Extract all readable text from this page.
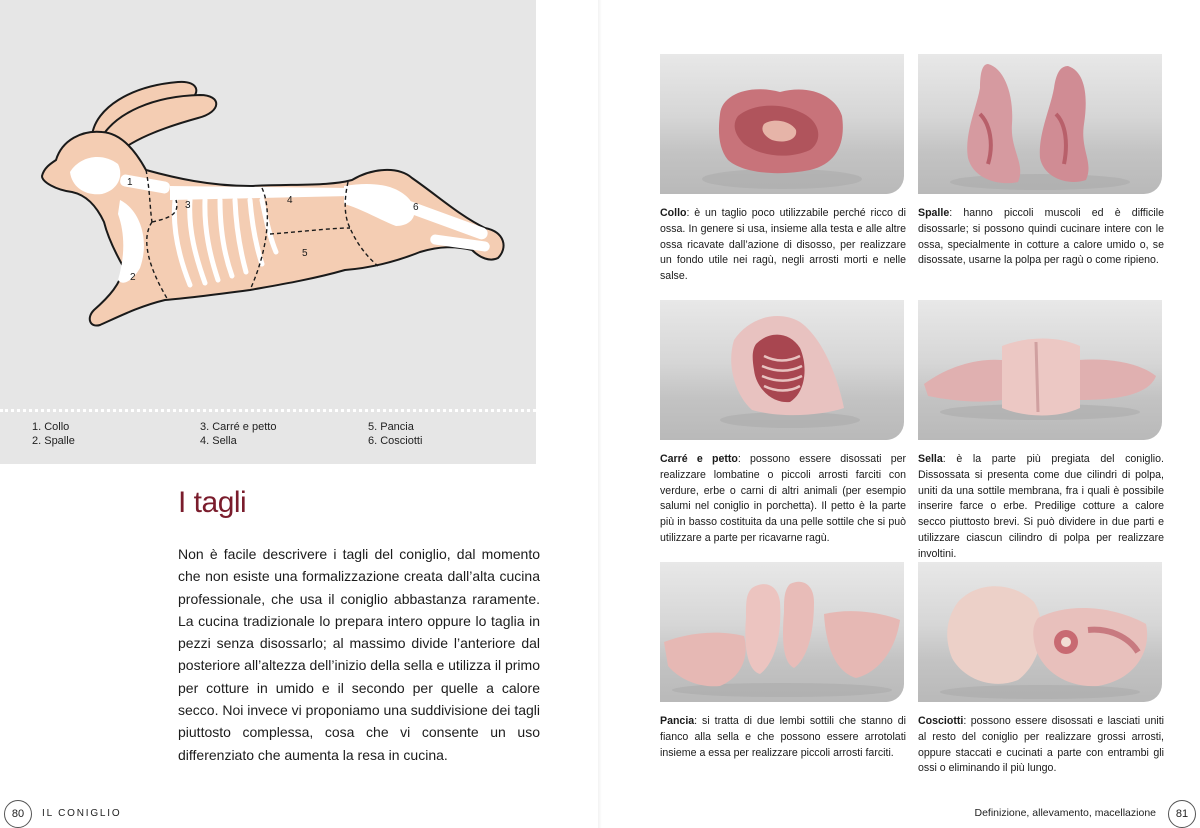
1
2
3	4
5
6
1. Collo
2. Spalle
3. Carré e petto
4. Sella
5. Pancia
6. Cosciotti
I tagli

Non è facile descrivere i tagli del coniglio, dal momento che non esiste una formalizzazione creata dall’alta cucina professionale, che usa il coniglio abbastanza raramente. La cucina tradizionale lo prepara intero oppure lo taglia in pezzi senza disossarlo; al massimo divide l’anteriore dal posteriore all’altezza dell’inizio della sella e utilizza il primo per cotture in umido e il secondo per quelle a calore secco. Noi invece vi proponiamo una suddivisione dei tagli piuttosto complessa, cosa che vi consente un uso differenziato che aumenta la resa in cucina.

80	IL CONIGLIO
Collo: è un taglio poco utilizzabile perché ricco di ossa. In genere si usa, insieme alla testa e alle altre ossa ricavate dall’azione di disosso, per realizzare un fondo utile nei ragù, negli arrosti morti e nelle salse.
Spalle: hanno piccoli muscoli ed è difficile disossarle; si possono quindi cucinare intere con le ossa, specialmente in cotture a calore umido o, se disossate, usarne la polpa per ragù o come ripieno.
Carré e petto: possono essere disossati per realizzare lombatine o piccoli arrosti farciti con verdure, erbe o carni di altri animali (per esempio salumi nel coniglio in porchetta). Il petto è la parte più in basso costituita da una pelle sottile che si può utilizzare a parte per ricavarne ragù.
Sella: è la parte più pregiata del coniglio. Dissossata si presenta come due cilindri di polpa, uniti da una sottile membrana, fra i quali è possibile inserire farce o erbe. Predilige cotture a calore secco piuttosto brevi. Si può dividere in due parti e utilizzare ciascun cilindro di polpa per realizzare involtini.
Pancia: si tratta di due lembi sottili che stanno di fianco alla sella e che possono essere arrotolati insieme a essa per realizzare piccoli arrosti farciti.
Cosciotti: possono essere disossati e lasciati uniti al resto del coniglio per realizzare grossi arrosti, oppure staccati e cucinati a parte con entrambi gli ossi o eliminando il più lungo.
Definizione, allevamento, macellazione	81
